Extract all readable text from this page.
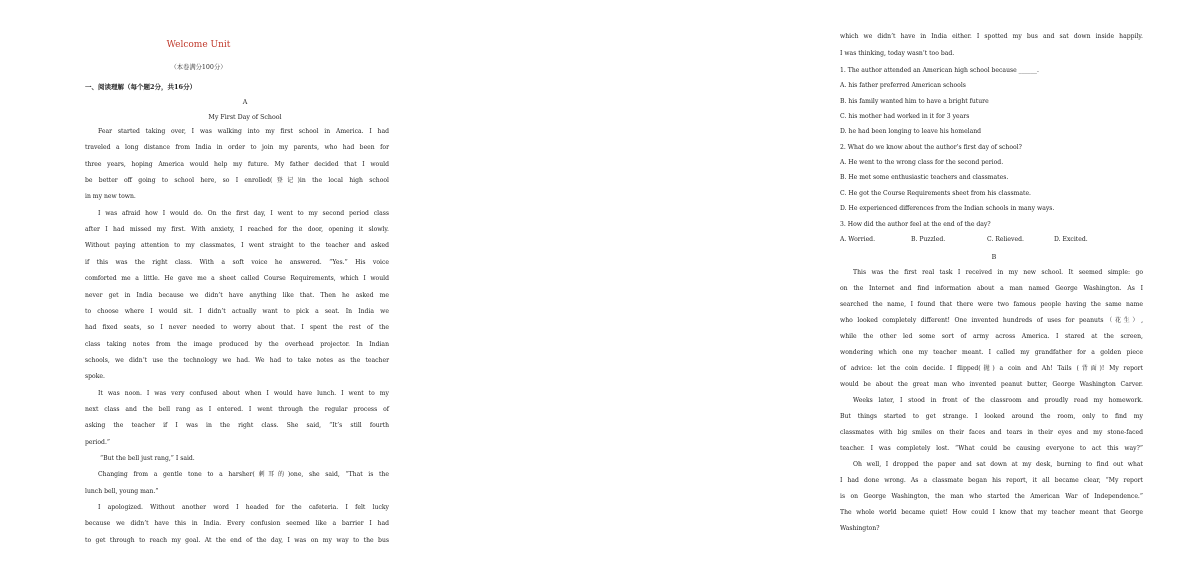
Welcome Unit
（本卷满分100分）
一、阅读理解（每个题2分，共16分）
A
My First Day of School
Fear started taking over, I was walking into my first school in America. I had
traveled a long distance from India in order to join my parents, who had been for
three years, hoping America would help my future. My father decided that I would
be better off going to school here, so I enrolled(登记)in the local high school
in my new town.
I was afraid how I would do. On the first day, I went to my second period class
after I had missed my first. With anxiety, I reached for the door, opening it slowly.
Without paying attention to my classmates, I went straight to the teacher and asked
if this was the right class. With a soft voice he answered. “Yes.” His voice
comforted me a little. He gave me a sheet called Course Requirements, which I would
never get in India because we didn’t have anything like that. Then he asked me
to choose where I would sit. I didn’t actually want to pick a seat. In India we
had fixed seats, so I never needed to worry about that. I spent the rest of the
class taking notes from the image produced by the overhead projector. In Indian
schools, we didn’t use the technology we had. We had to take notes as the teacher
spoke.
It was noon. I was very confused about when I would have lunch. I went to my
next class and the bell rang as I entered. I went through the regular process of
asking the teacher if I was in the right class. She said, “It’s still fourth
period.”
“But the bell just rang,” I said.
Changing from a gentle tone to a harsher(刺耳的)one, she said, “That is the
lunch bell, young man.”
I apologized. Without another word I headed for the cafeteria. I felt lucky
because we didn’t have this in India. Every confusion seemed like a barrier I had
to get through to reach my goal. At the end of the day, I was on my way to the bus
which we didn’t have in India either. I spotted my bus and sat down inside happily.
I was thinking, today wasn’t too bad.
1. The author attended an American high school because ______.
A. his father preferred American schools
B. his family wanted him to have a bright future
C. his mother had worked in it for 3 years
D. he had been longing to leave his homeland
2. What do we know about the author’s first day of school?
A. He went to the wrong class for the second period.
B. He met some enthusiastic teachers and classmates.
C. He got the Course Requirements sheet from his classmate.
D. He experienced differences from the Indian schools in many ways.
3. How did the author feel at the end of the day?
A. Worried.	B. Puzzled.	C. Relieved.	D. Excited.
B
This was the first real task I received in my new school. It seemed simple: go
on the Internet and find information about a man named George Washington. As I
searched the name, I found that there were two famous people having the same name
who looked completely different! One invented hundreds of uses for peanuts（花生）,
while the other led some sort of army across America. I stared at the screen,
wondering which one my teacher meant. I called my grandfather for a golden piece
of advice: let the coin decide. I flipped(抛) a coin and Ah! Tails (背面)! My report
would be about the great man who invented peanut butter, George Washington Carver.
Weeks later, I stood in front of the classroom and proudly read my homework.
But things started to get strange. I looked around the room, only to find my
classmates with big smiles on their faces and tears in their eyes and my stone-faced
teacher. I was completely lost. “What could be causing everyone to act this way?”
Oh well, I dropped the paper and sat down at my desk, burning to find out what
I had done wrong. As a classmate began his report, it all became clear, “My report
is on George Washington, the man who started the American War of Independence.”
The whole world became quiet! How could I know that my teacher meant that George
Washington?
